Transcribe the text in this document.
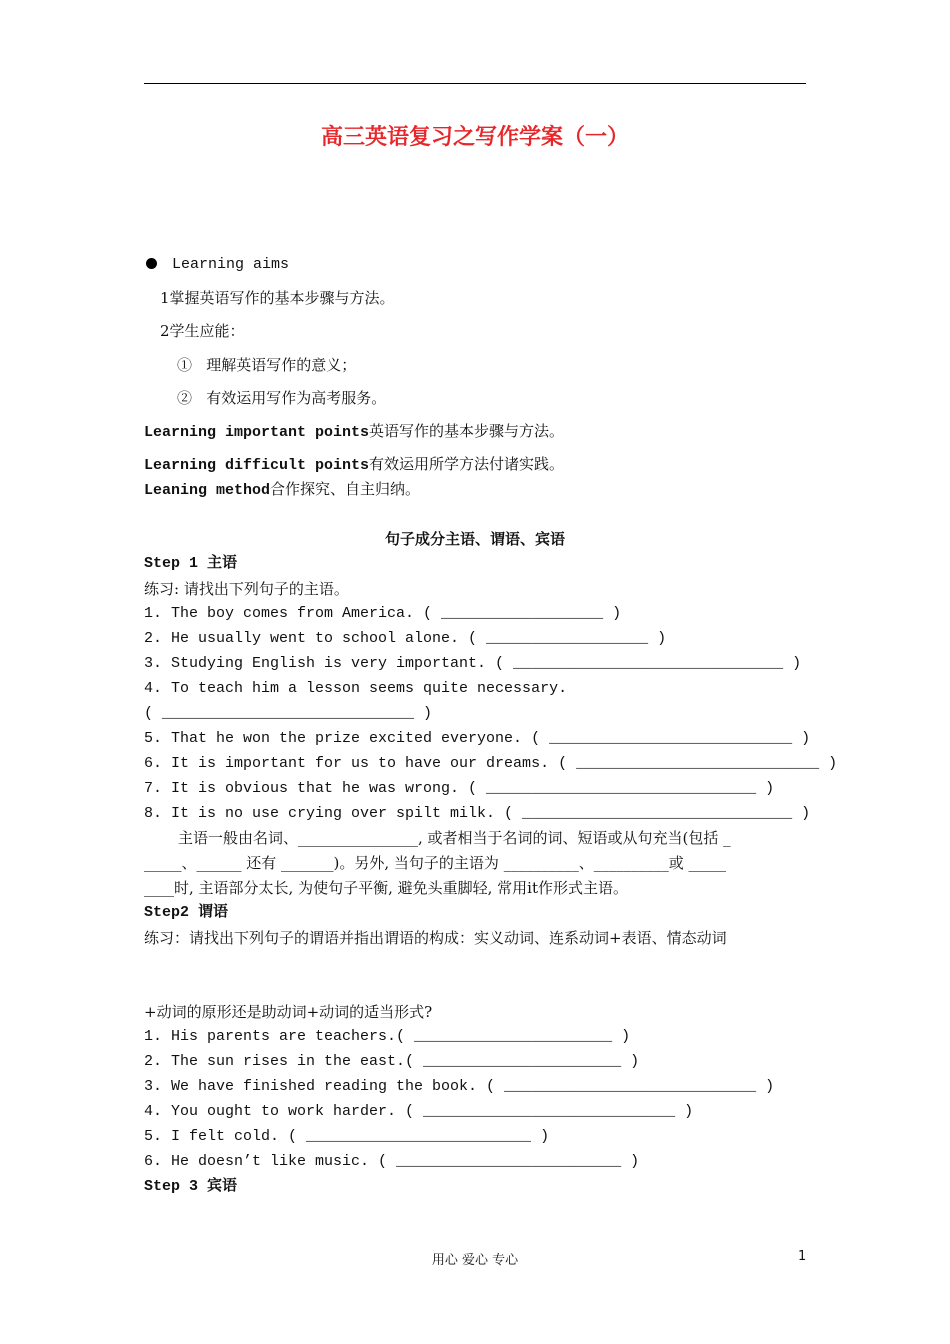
高三英语复习之写作学案（一）
Learning aims
1掌握英语写作的基本步骤与方法。
2学生应能：
①   理解英语写作的意义；
②   有效运用写作为高考服务。
Learning important points英语写作的基本步骤与方法。
Learning difficult points有效运用所学方法付诸实践。
Leaning method合作探究、自主归纳。
句子成分主语、谓语、宾语
Step 1 主语
练习: 请找出下列句子的主语。
1. The boy comes from America. ( __________________ )
2. He usually went to school alone. ( __________________ )
3. Studying English is very important. ( ______________________________ )
4. To teach him a lesson seems quite necessary.
( ____________________________ )
5. That he won the prize excited everyone. ( ___________________________ )
6. It is important for us to have our dreams. ( ___________________________ )
7. It is obvious that he was wrong. ( ______________________________ )
8. It is no use crying over spilt milk. ( ______________________________ )
主语一般由名词、________________, 或者相当于名词的词、短语或从句充当(包括 _
_____、______ 还有 _______)。另外, 当句子的主语为 __________、__________或 _____
____时, 主语部分太长, 为使句子平衡, 避免头重脚轻, 常用it作形式主语。
Step2 谓语
练习：请找出下列句子的谓语并指出谓语的构成：实义动词、连系动词+表语、情态动词
+动词的原形还是助动词+动词的适当形式?
1. His parents are teachers.( ______________________ )
2. The sun rises in the east.( ______________________ )
3. We have finished reading the book. ( ____________________________ )
4. You ought to work harder. ( ____________________________ )
5. I felt cold. ( _________________________ )
6. He doesn’t like music. ( _________________________ )
Step 3 宾语
用心 爱心 专心	1
